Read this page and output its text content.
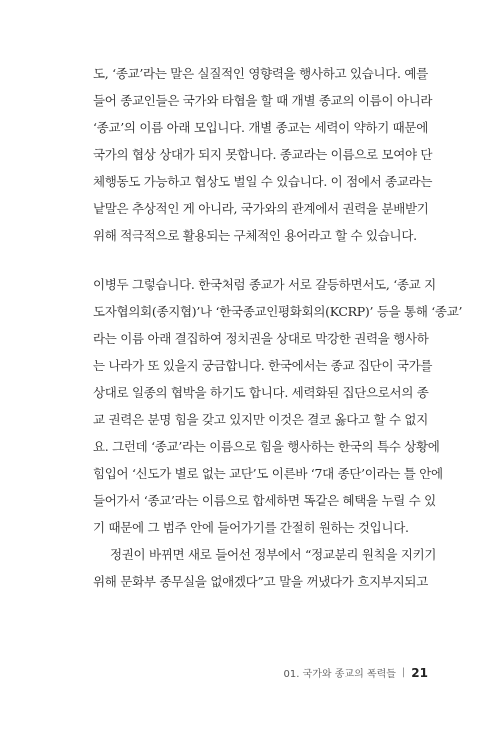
도, ‘종교’라는 말은 실질적인 영향력을 행사하고 있습니다. 예를
들어 종교인들은 국가와 타협을 할 때 개별 종교의 이름이 아니라
‘종교’의 이름 아래 모입니다. 개별 종교는 세력이 약하기 때문에
국가의 협상 상대가 되지 못합니다. 종교라는 이름으로 모여야 단
체행동도 가능하고 협상도 벌일 수 있습니다. 이 점에서 종교라는
낱말은 추상적인 게 아니라, 국가와의 관계에서 권력을 분배받기
위해 적극적으로 활용되는 구체적인 용어라고 할 수 있습니다.
이병두 그렇습니다. 한국처럼 종교가 서로 갈등하면서도, ‘종교 지
도자협의회(종지협)’나 ‘한국종교인평화회의(KCRP)’ 등을 통해 ‘종교’
라는 이름 아래 결집하여 정치권을 상대로 막강한 권력을 행사하
는 나라가 또 있을지 궁금합니다. 한국에서는 종교 집단이 국가를
상대로 일종의 협박을 하기도 합니다. 세력화된 집단으로서의 종
교 권력은 분명 힘을 갖고 있지만 이것은 결코 옳다고 할 수 없지
요. 그런데 ‘종교’라는 이름으로 힘을 행사하는 한국의 특수 상황에
힘입어 ‘신도가 별로 없는 교단’도 이른바 ‘7대 종단’이라는 틀 안에
들어가서 ‘종교’라는 이름으로 합세하면 똑같은 혜택을 누릴 수 있
기 때문에 그 범주 안에 들어가기를 간절히 원하는 것입니다.
정권이 바뀌면 새로 들어선 정부에서 “정교분리 원칙을 지키기
위해 문화부 종무실을 없애겠다”고 말을 꺼냈다가 흐지부지되고
01. 국가와 종교의 폭력들 | 21
